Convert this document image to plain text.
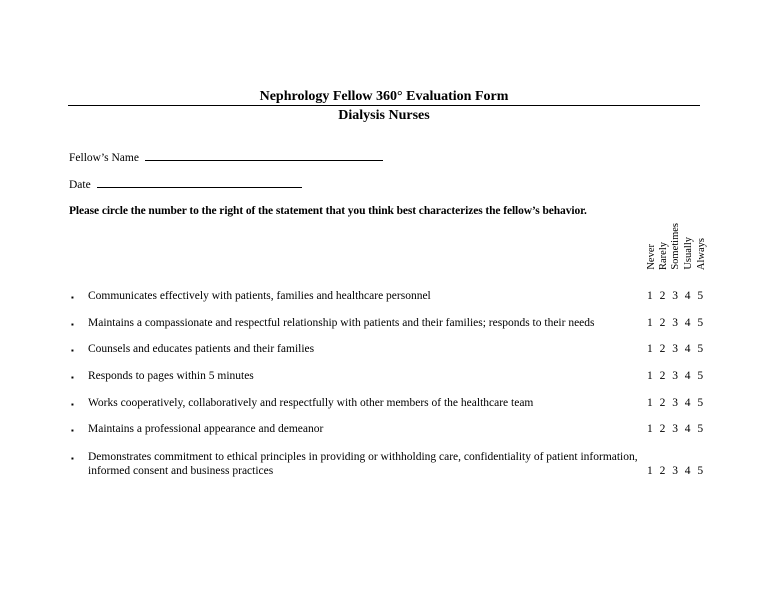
Nephrology Fellow 360° Evaluation Form
Dialysis Nurses
Fellow’s Name
Date
Please circle the number to the right of the statement that you think best characterizes the fellow’s behavior.
Never Rarely Sometimes Usually Always
▪ Communicates effectively with patients, families and healthcare personnel	1 2 3 4 5
▪ Maintains a compassionate and respectful relationship with patients and their families; responds to their needs	1 2 3 4 5
▪ Counsels and educates patients and their families	1 2 3 4 5
▪ Responds to pages within 5 minutes	1 2 3 4 5
▪ Works cooperatively, collaboratively and respectfully with other members of the healthcare team	1 2 3 4 5
▪ Maintains a professional appearance and demeanor	1 2 3 4 5
▪ Demonstrates commitment to ethical principles in providing or withholding care, confidentiality of patient information, informed consent and business practices	1 2 3 4 5
